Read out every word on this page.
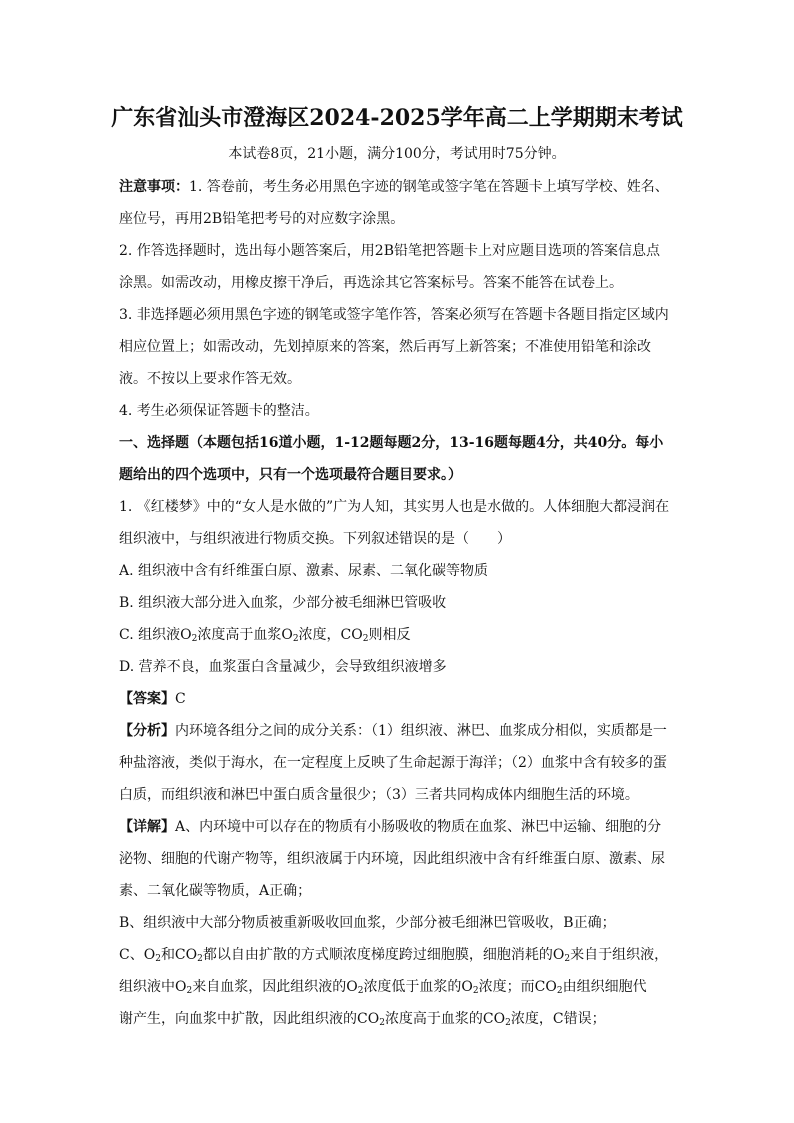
广东省汕头市澄海区2024-2025学年高二上学期期末考试
本试卷8页，21小题，满分100分，考试用时75分钟。
注意事项：1. 答卷前，考生务必用黑色字迹的钢笔或签字笔在答题卡上填写学校、姓名、
座位号，再用2B铅笔把考号的对应数字涂黑。
2. 作答选择题时，选出每小题答案后，用2B铅笔把答题卡上对应题目选项的答案信息点
涂黑。如需改动，用橡皮擦干净后，再选涂其它答案标号。答案不能答在试卷上。
3. 非选择题必须用黑色字迹的钢笔或签字笔作答，答案必须写在答题卡各题目指定区域内
相应位置上；如需改动，先划掉原来的答案，然后再写上新答案；不准使用铅笔和涂改
液。不按以上要求作答无效。
4. 考生必须保证答题卡的整洁。
一、选择题（本题包括16道小题，1-12题每题2分，13-16题每题4分，共40分。每小
题给出的四个选项中，只有一个选项最符合题目要求。）
1. 《红楼梦》中的“女人是水做的”广为人知，其实男人也是水做的。人体细胞大都浸润在
组织液中，与组织液进行物质交换。下列叙述错误的是（　　）
A. 组织液中含有纤维蛋白原、激素、尿素、二氧化碳等物质
B. 组织液大部分进入血浆，少部分被毛细淋巴管吸收
C. 组织液$O_2$浓度高于血浆$O_2$浓度，$CO_2$则相反
D. 营养不良，血浆蛋白含量减少，会导致组织液增多
【答案】C
【分析】内环境各组分之间的成分关系：（1）组织液、淋巴、血浆成分相似，实质都是一
种盐溶液，类似于海水，在一定程度上反映了生命起源于海洋；（2）血浆中含有较多的蛋
白质，而组织液和淋巴中蛋白质含量很少；（3）三者共同构成体内细胞生活的环境。
【详解】A、内环境中可以存在的物质有小肠吸收的物质在血浆、淋巴中运输、细胞的分
泌物、细胞的代谢产物等，组织液属于内环境，因此组织液中含有纤维蛋白原、激素、尿
素、二氧化碳等物质，A正确；
B、组织液中大部分物质被重新吸收回血浆，少部分被毛细淋巴管吸收，B正确；
C、$O_2$和$CO_2$都以自由扩散的方式顺浓度梯度跨过细胞膜，细胞消耗的$O_2$来自于组织液，
组织液中$O_2$来自血浆，因此组织液的$O_2$浓度低于血浆的$O_2$浓度；而$CO_2$由组织细胞代
谢产生，向血浆中扩散，因此组织液的$CO_2$浓度高于血浆的$CO_2$浓度，C错误；
